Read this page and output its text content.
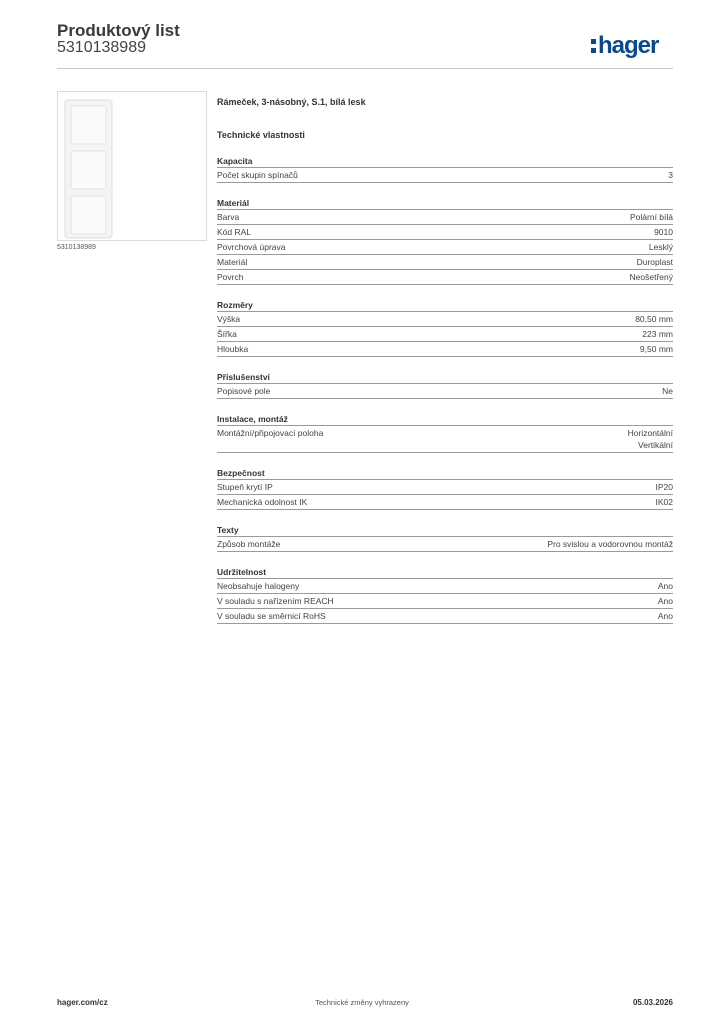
Produktový list
5310138989	hager
5310138989
Rámeček, 3-násobný, S.1, bílá lesk
Technické vlastnosti
Kapacita
Počet skupin spínačů	3
Materiál
Barva	Polární bílá
Kód RAL	9010
Povrchová úprava	Lesklý
Materiál	Duroplast
Povrch	Neošetřený
Rozměry
Výška	80,50 mm
Šířka	223 mm
Hloubka	9,50 mm
Příslušenství
Popisové pole	Ne
Instalace, montáž
Montážní/připojovací poloha	Horizontální
Vertikální
Bezpečnost
Stupeň krytí IP	IP20
Mechanická odolnost IK	IK02
Texty
Způsob montáže	Pro svislou a vodorovnou montáž
Udržitelnost
Neobsahuje halogeny	Ano
V souladu s nařízením REACH	Ano
V souladu se směrnicí RoHS	Ano
hager.com/cz	Technické změny vyhrazeny	05.03.2026
